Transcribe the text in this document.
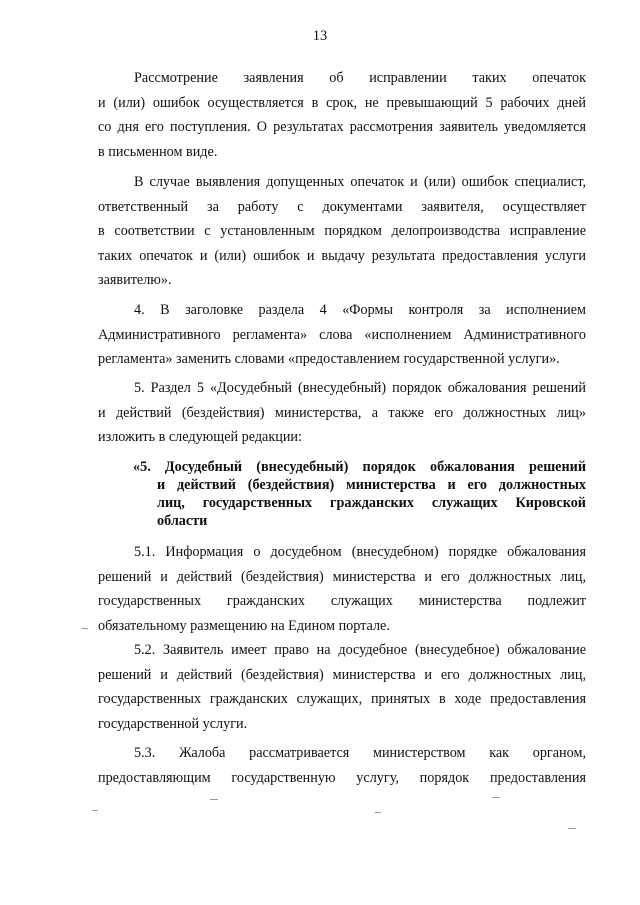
13
Рассмотрение заявления об исправлении таких опечаток
и (или) ошибок осуществляется в срок, не превышающий 5 рабочих дней
со дня его поступления. О результатах рассмотрения заявитель уведомляется
в письменном виде.
В случае выявления допущенных опечаток и (или) ошибок специалист,
ответственный за работу с документами заявителя, осуществляет
в соответствии с установленным порядком делопроизводства исправление
таких опечаток и (или) ошибок и выдачу результата предоставления услуги
заявителю».
4. В заголовке раздела 4 «Формы контроля за исполнением
Административного регламента» слова «исполнением Административного
регламента» заменить словами «предоставлением государственной услуги».
5. Раздел 5 «Досудебный (внесудебный) порядок обжалования решений
и действий (бездействия) министерства, а также его должностных лиц»
изложить в следующей редакции:
«5. Досудебный (внесудебный) порядок обжалования решений
и действий (бездействия) министерства и его должностных
лиц, государственных гражданских служащих Кировской
области
5.1. Информация о досудебном (внесудебном) порядке обжалования
решений и действий (бездействия) министерства и его должностных лиц,
государственных гражданских служащих министерства подлежит
обязательному размещению на Едином портале.
5.2. Заявитель имеет право на досудебное (внесудебное) обжалование
решений и действий (бездействия) министерства и его должностных лиц,
государственных гражданских служащих, принятых в ходе предоставления
государственной услуги.
5.3. Жалоба рассматривается министерством как органом,
предоставляющим государственную услугу, порядок предоставления
